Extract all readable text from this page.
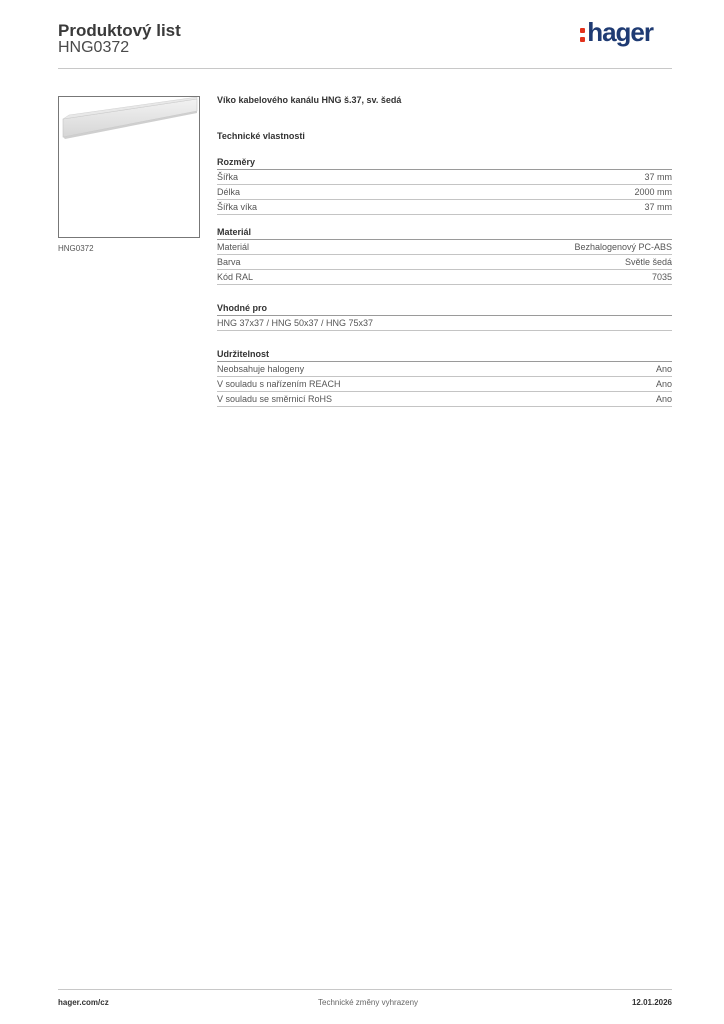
Produktový list
HNG0372
hager
HNG0372
Víko kabelového kanálu HNG š.37, sv. šedá
Technické vlastnosti
Rozměry
Šířka	37 mm
Délka	2000 mm
Šířka víka	37 mm
Materiál
Materiál	Bezhalogenový PC-ABS
Barva	Světle šedá
Kód RAL	7035
Vhodné pro
HNG 37x37 / HNG 50x37 / HNG 75x37
Udržitelnost
Neobsahuje halogeny	Ano
V souladu s nařízením REACH	Ano
V souladu se směrnicí RoHS	Ano
hager.com/cz	Technické změny vyhrazeny	12.01.2026
